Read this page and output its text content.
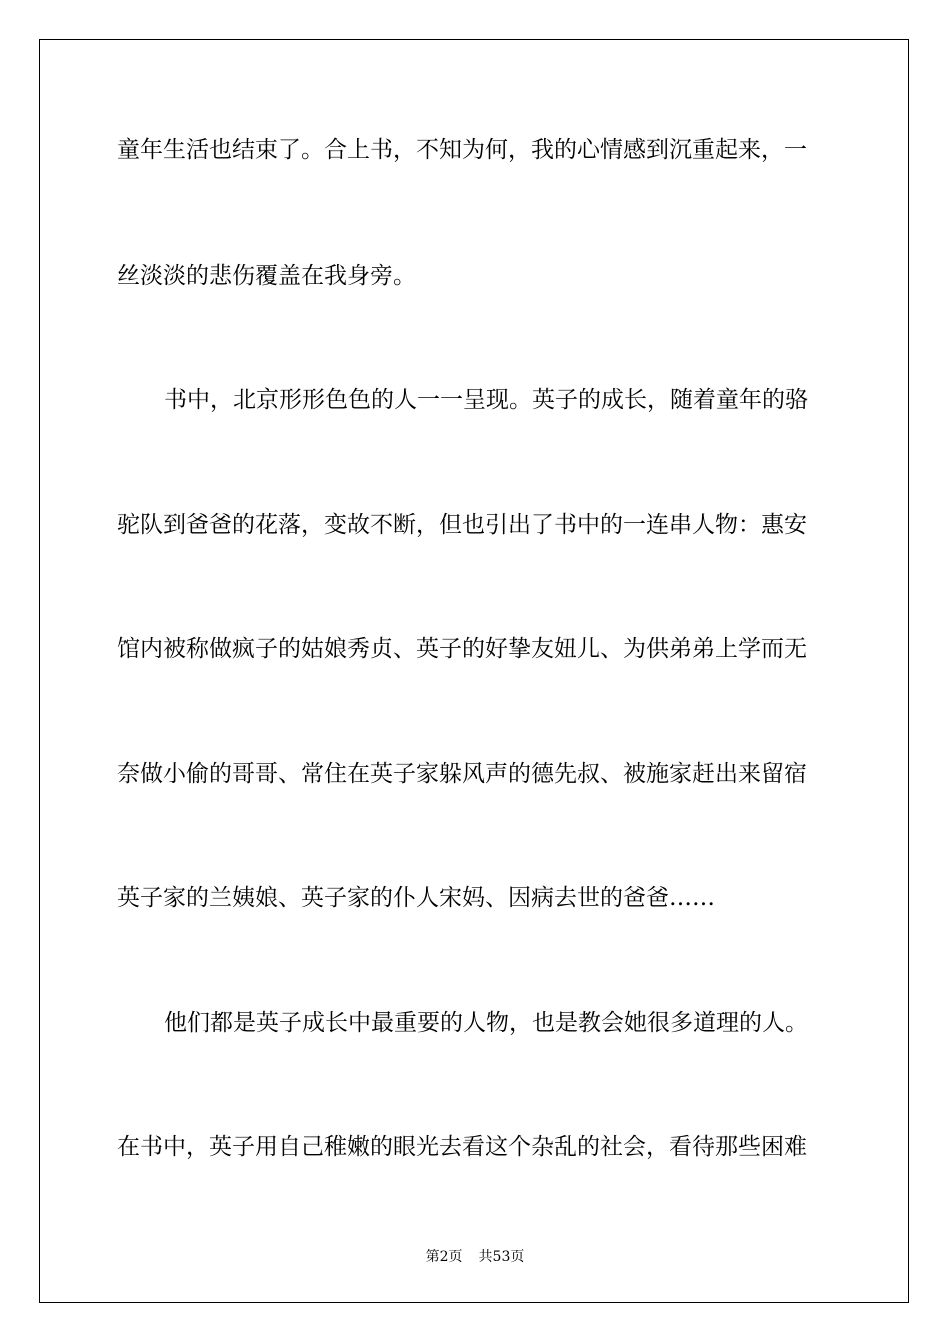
童年生活也结束了。合上书，不知为何，我的心情感到沉重起来，一

丝淡淡的悲伤覆盖在我身旁。

书中，北京形形色色的人一一呈现。英子的成长，随着童年的骆

驼队到爸爸的花落，变故不断，但也引出了书中的一连串人物：惠安

馆内被称做疯子的姑娘秀贞、英子的好挚友妞儿、为供弟弟上学而无

奈做小偷的哥哥、常住在英子家躲风声的德先叔、被施家赶出来留宿

英子家的兰姨娘、英子家的仆人宋妈、因病去世的爸爸……

他们都是英子成长中最重要的人物，也是教会她很多道理的人。

在书中，英子用自己稚嫩的眼光去看这个杂乱的社会，看待那些困难

第2页 共53页
